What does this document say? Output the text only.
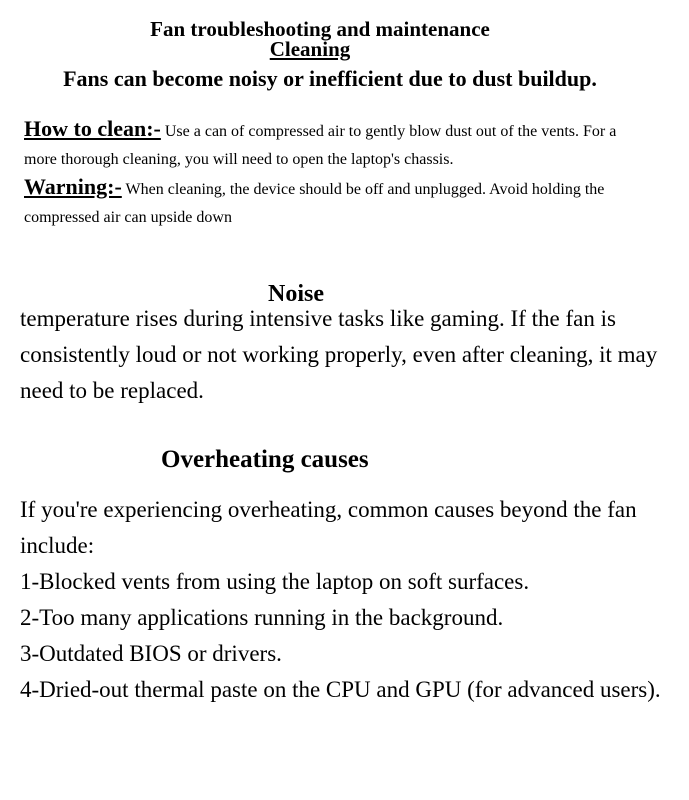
Fan troubleshooting and maintenance
Cleaning
Fans can become noisy or inefficient due to dust buildup.
How to clean:- Use a can of compressed air to gently blow dust out of the vents. For a
more thorough cleaning, you will need to open the laptop's chassis.
Warning:- When cleaning, the device should be off and unplugged. Avoid holding the
compressed air can upside down
Noise
temperature rises during intensive tasks like gaming. If the fan is
consistently loud or not working properly, even after cleaning, it may
need to be replaced.
Overheating causes
If you're experiencing overheating, common causes beyond the fan
include:
1-Blocked vents from using the laptop on soft surfaces.
2-Too many applications running in the background.
3-Outdated BIOS or drivers.
4-Dried-out thermal paste on the CPU and GPU (for advanced users).
